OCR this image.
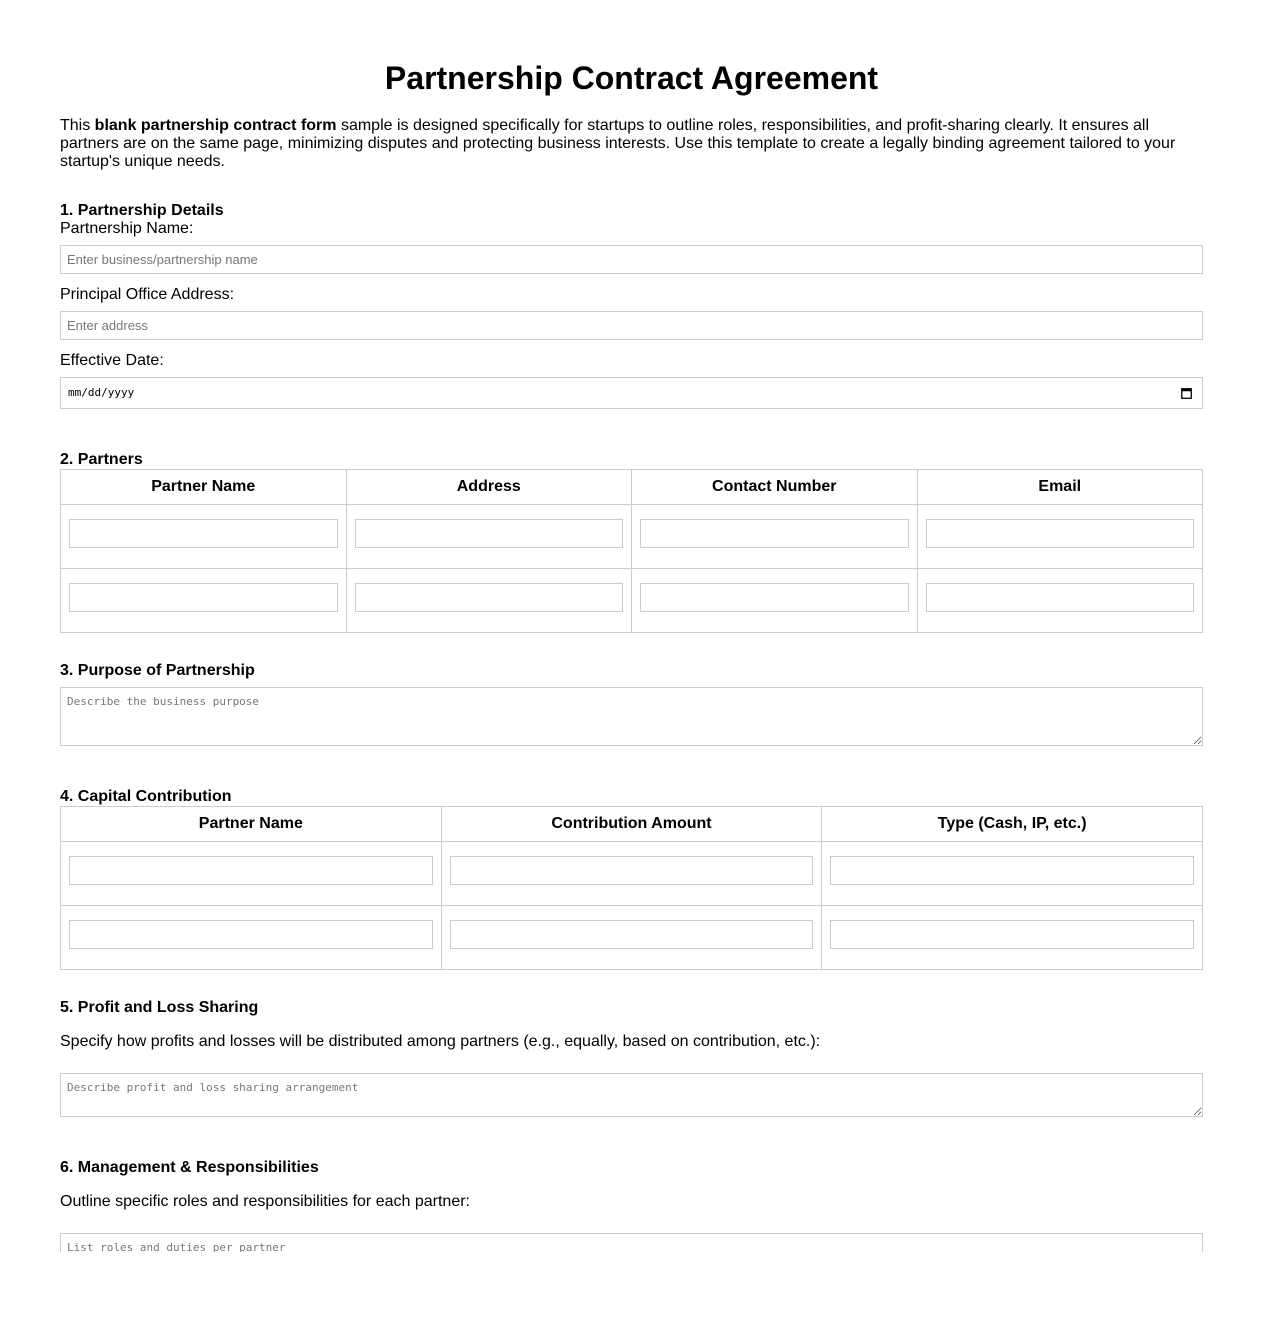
Partnership Contract Agreement

This blank partnership contract form sample is designed specifically for startups to outline roles, responsibilities, and profit-sharing clearly. It ensures all partners are on the same page, minimizing disputes and protecting business interests. Use this template to create a legally binding agreement tailored to your startup's unique needs.

1. Partnership Details

Partnership Name:

Enter business/partnership name

Principal Office Address:

Enter address

Effective Date:

mm/dd/yyyy
2. Partners
Partner Name	Address	Contact Number	Email

3. Purpose of Partnership
Describe the business purpose
4. Capital Contribution
Partner Name	Contribution Amount	Type (Cash, IP, etc.)

5. Profit and Loss Sharing

Specify how profits and losses will be distributed among partners (e.g., equally, based on contribution, etc.):

Describe profit and loss sharing arrangement
6. Management & Responsibilities

Outline specific roles and responsibilities for each partner:

List roles and duties per partner
